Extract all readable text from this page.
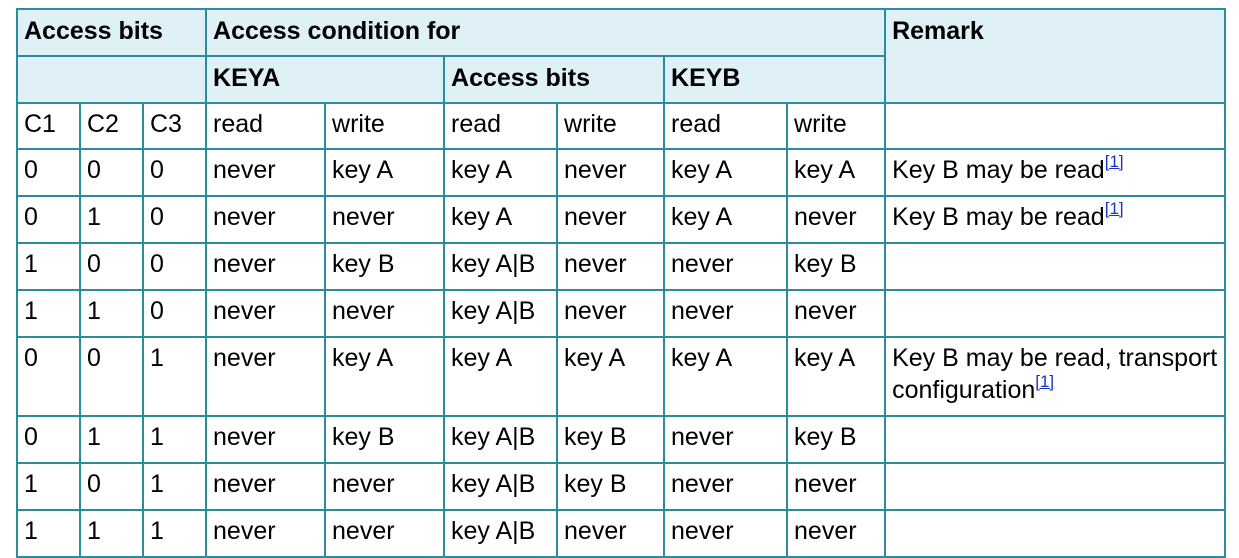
Access bits			Access condition for						Remark
			KEYA		Access bits		KEYB		
C1	C2	C3	read	write	read	write	read	write	
0	0	0	never	key A	key A	never	key A	key A	Key B may be read[1]
0	1	0	never	never	key A	never	key A	never	Key B may be read[1]
1	0	0	never	key B	key A|B	never	never	key B	
1	1	0	never	never	key A|B	never	never	never	
0	0	1	never	key A	key A	key A	key A	key A	Key B may be read, transport configuration[1]
0	1	1	never	key B	key A|B	key B	never	key B	
1	0	1	never	never	key A|B	key B	never	never	
1	1	1	never	never	key A|B	never	never	never	
